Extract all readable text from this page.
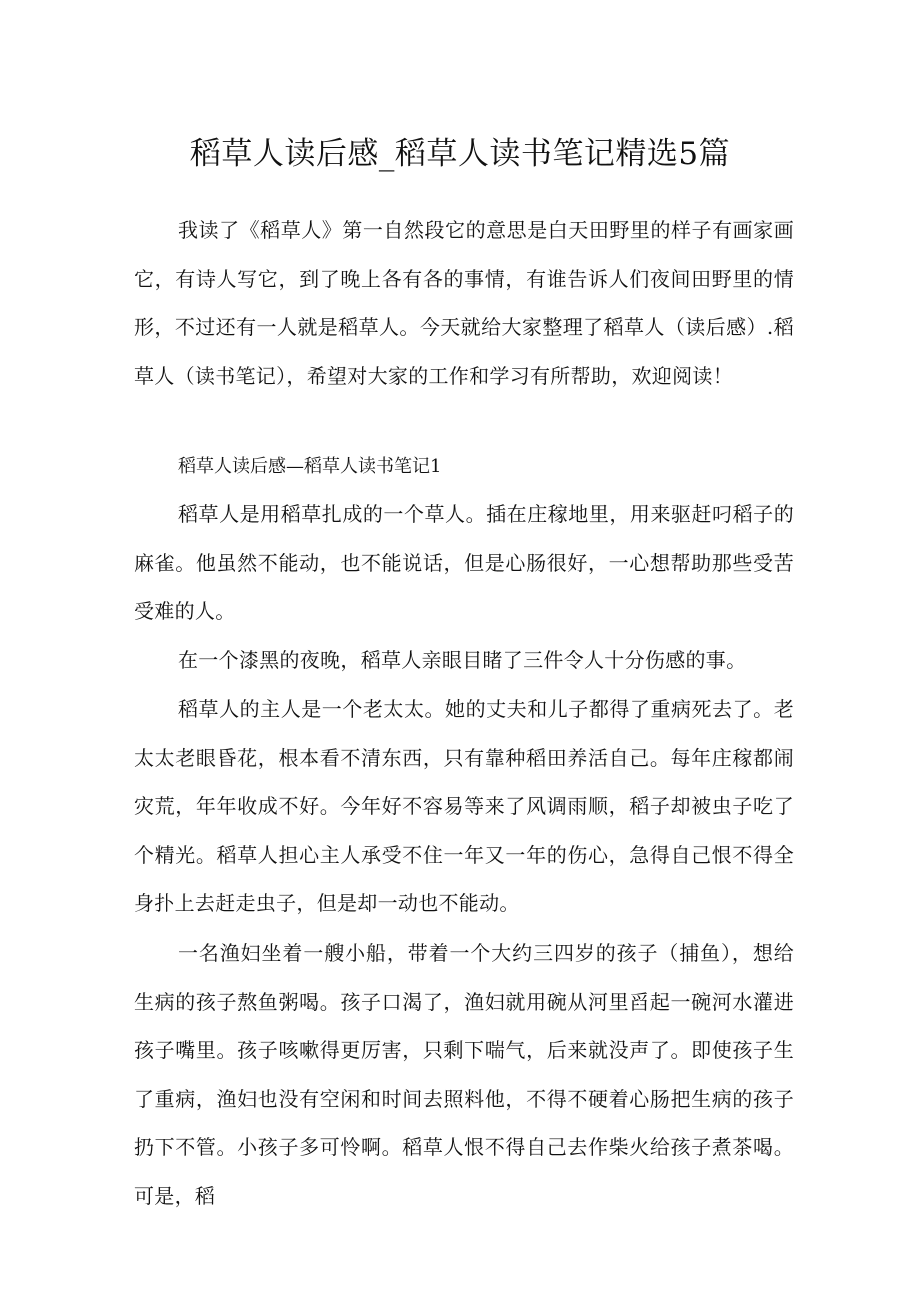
稻草人读后感_稻草人读书笔记精选5篇

我读了《稻草人》第一自然段它的意思是白天田野里的样子有画家画它，有诗人写它，到了晚上各有各的事情，有谁告诉人们夜间田野里的情形，不过还有一人就是稻草人。今天就给大家整理了稻草人（读后感）.稻草人（读书笔记），希望对大家的工作和学习有所帮助，欢迎阅读！

稻草人读后感—稻草人读书笔记1

稻草人是用稻草扎成的一个草人。插在庄稼地里，用来驱赶叼稻子的麻雀。他虽然不能动，也不能说话，但是心肠很好，一心想帮助那些受苦受难的人。

在一个漆黑的夜晚，稻草人亲眼目睹了三件令人十分伤感的事。

稻草人的主人是一个老太太。她的丈夫和儿子都得了重病死去了。老太太老眼昏花，根本看不清东西，只有靠种稻田养活自己。每年庄稼都闹灾荒，年年收成不好。今年好不容易等来了风调雨顺，稻子却被虫子吃了个精光。稻草人担心主人承受不住一年又一年的伤心，急得自己恨不得全身扑上去赶走虫子，但是却一动也不能动。

一名渔妇坐着一艘小船，带着一个大约三四岁的孩子（捕鱼），想给生病的孩子熬鱼粥喝。孩子口渴了，渔妇就用碗从河里舀起一碗河水灌进孩子嘴里。孩子咳嗽得更厉害，只剩下喘气，后来就没声了。即使孩子生了重病，渔妇也没有空闲和时间去照料他，不得不硬着心肠把生病的孩子扔下不管。小孩子多可怜啊。稻草人恨不得自己去作柴火给孩子煮茶喝。可是，稻
